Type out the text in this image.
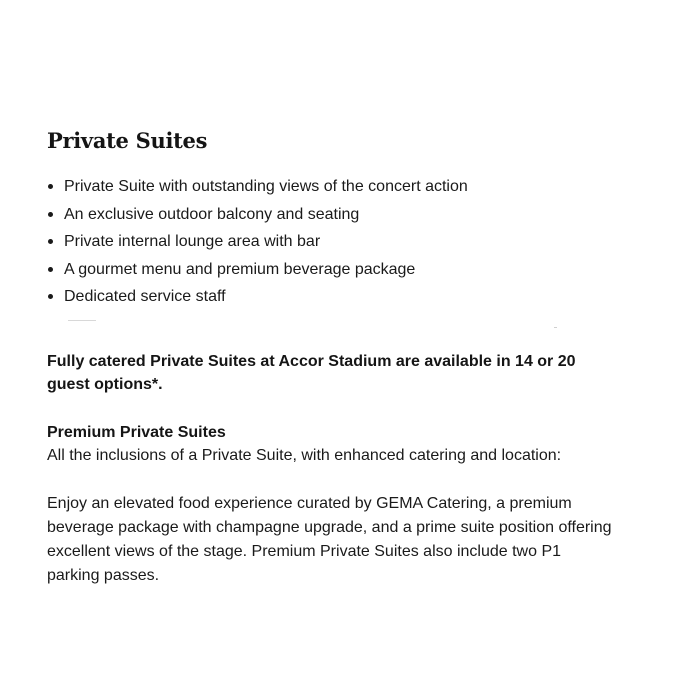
Private Suites
Private Suite with outstanding views of the concert action
An exclusive outdoor balcony and seating
Private internal lounge area with bar
A gourmet menu and premium beverage package
Dedicated service staff
Fully catered Private Suites at Accor Stadium are available in 14 or 20 guest options*.
Premium Private Suites
All the inclusions of a Private Suite, with enhanced catering and location:
Enjoy an elevated food experience curated by GEMA Catering, a premium beverage package with champagne upgrade, and a prime suite position offering excellent views of the stage. Premium Private Suites also include two P1 parking passes.
